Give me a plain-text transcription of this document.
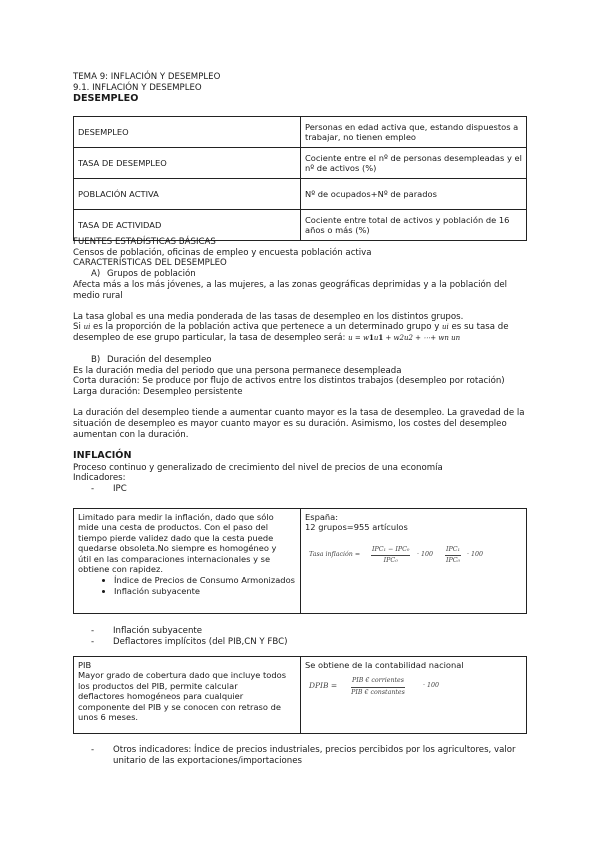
TEMA 9: INFLACIÓN Y DESEMPLEO
9.1. INFLACIÓN Y DESEMPLEO
DESEMPLEO
DESEMPLEO	Personas en edad activa que, estando dispuestos a trabajar, no tienen empleo
TASA DE DESEMPLEO	Cociente entre el nº de personas desempleadas y el nº de activos (%)
POBLACIÓN ACTIVA	Nº de ocupados+Nº de parados
TASA DE ACTIVIDAD	Cociente entre total de activos y población de 16 años o más (%)
FUENTES ESTADÍSTICAS BÁSICAS
Censos de población, oficinas de empleo y encuesta población activa
CARACTERÍSTICAS DEL DESEMPLEO
A) Grupos de población
Afecta más a los más jóvenes, a las mujeres, a las zonas geográficas deprimidas y a la población del
medio rural
La tasa global es una media ponderada de las tasas de desempleo en los distintos grupos.
Si ui es la proporción de la población activa que pertenece a un determinado grupo y ui es su tasa de
desempleo de ese grupo particular, la tasa de desempleo será: u = w1u1 + w2u2 + ⋯+ wn un
B) Duración del desempleo
Es la duración media del periodo que una persona permanece desempleada
Corta duración: Se produce por flujo de activos entre los distintos trabajos (desempleo por rotación)
Larga duración: Desempleo persistente
La duración del desempleo tiende a aumentar cuanto mayor es la tasa de desempleo. La gravedad de la
situación de desempleo es mayor cuanto mayor es su duración. Asimismo, los costes del desempleo
aumentan con la duración.
INFLACIÓN
Proceso continuo y generalizado de crecimiento del nivel de precios de una economía
Indicadores:
- IPC
Limitado para medir la inflación, dado que sólo
mide una cesta de productos. Con el paso del
tiempo pierde validez dado que la cesta puede
quedarse obsoleta.No siempre es homogéneo y
útil en las comparaciones internacionales y se
obtiene con rapidez.
• Índice de Precios de Consumo Armonizados
• Inflación subyacente

España:
12 grupos=955 artículos
Tasa inflación =
IPC₁ − IPC₀
IPC₀
· 100
IPC₁
IPC₀
· 100
- Inflación subyacente
- Deflactores implícitos (del PIB,CN Y FBC)
PIB
Mayor grado de cobertura dado que incluye todos
los productos del PIB, permite calcular
deflactores homogéneos para cualquier
componente del PIB y se conocen con retraso de
unos 6 meses.

Se obtiene de la contabilidad nacional
DPIB =
PIB € corrientes
PIB € constantes
· 100
- Otros indicadores: Índice de precios industriales, precios percibidos por los agricultores, valor
unitario de las exportaciones/importaciones
